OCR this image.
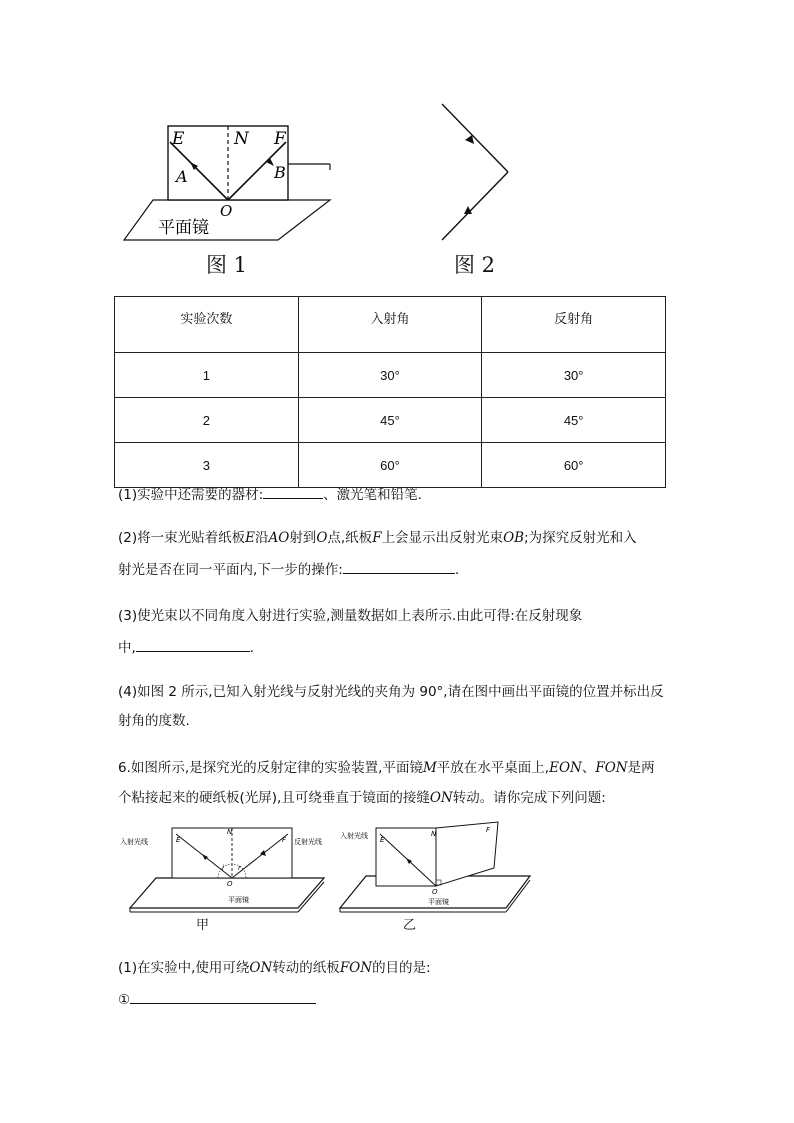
E	N F
A	B
O
平面镜
图 1	图 2
实验次数	入射角	反射角
1	30°	30°
2	45°	45°
3	60°	60°
(1)实验中还需要的器材:	、激光笔和铅笔.
(2)将一束光贴着纸板E沿AO射到O点,纸板F上会显示出反射光束OB;为探究反射光和入
射光是否在同一平面内,下一步的操作:	.
(3)使光束以不同角度入射进行实验,测量数据如上表所示.由此可得:在反射现象
中,	.
(4)如图 2 所示,已知入射光线与反射光线的夹角为 90°,请在图中画出平面镜的位置并标出反
射角的度数.
6.如图所示,是探究光的反射定律的实验装置,平面镜M平放在水平桌面上,EON、FON是两
个粘接起来的硬纸板(光屏),且可绕垂直于镜面的接缝ON转动。请你完成下列问题:
入射光线	反射光线
E
N
F
O
i r
平面镜
甲
入射光线 E
N	F
O
平面镜
乙
(1)在实验中,使用可绕ON转动的纸板FON的目的是:
①
